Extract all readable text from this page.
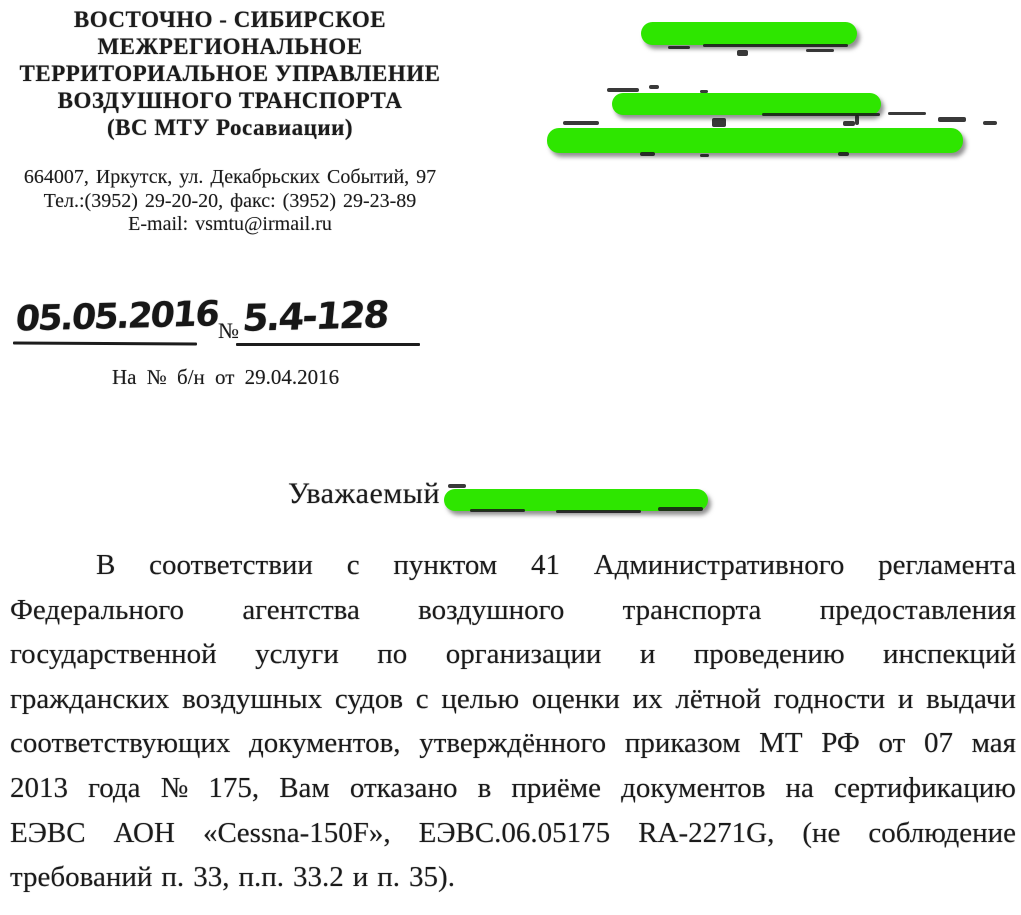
ВОСТОЧНО - СИБИРСКОЕ
МЕЖРЕГИОНАЛЬНОЕ
ТЕРРИТОРИАЛЬНОЕ УПРАВЛЕНИЕ
ВОЗДУШНОГО ТРАНСПОРТА
(ВС МТУ Росавиации)
664007, Иркутск, ул. Декабрьских Событий, 97
Тел.:(3952) 29-20-20, факс: (3952) 29-23-89
E-mail: vsmtu@irmail.ru
05.05.2016
№ 5.4-128
На № б/н от 29.04.2016
Уважаемый
В соответствии с пунктом 41 Административного регламента
Федерального агентства воздушного транспорта предоставления
государственной услуги по организации и проведению инспекций
гражданских воздушных судов с целью оценки их лётной годности и выдачи
соответствующих документов, утверждённого приказом МТ РФ от 07 мая
2013 года № 175, Вам отказано в приёме документов на сертификацию
ЕЭВС АОН «Cessna-150F», ЕЭВС.06.05175 RA-2271G, (не соблюдение
требований п. 33, п.п. 33.2 и п. 35).
